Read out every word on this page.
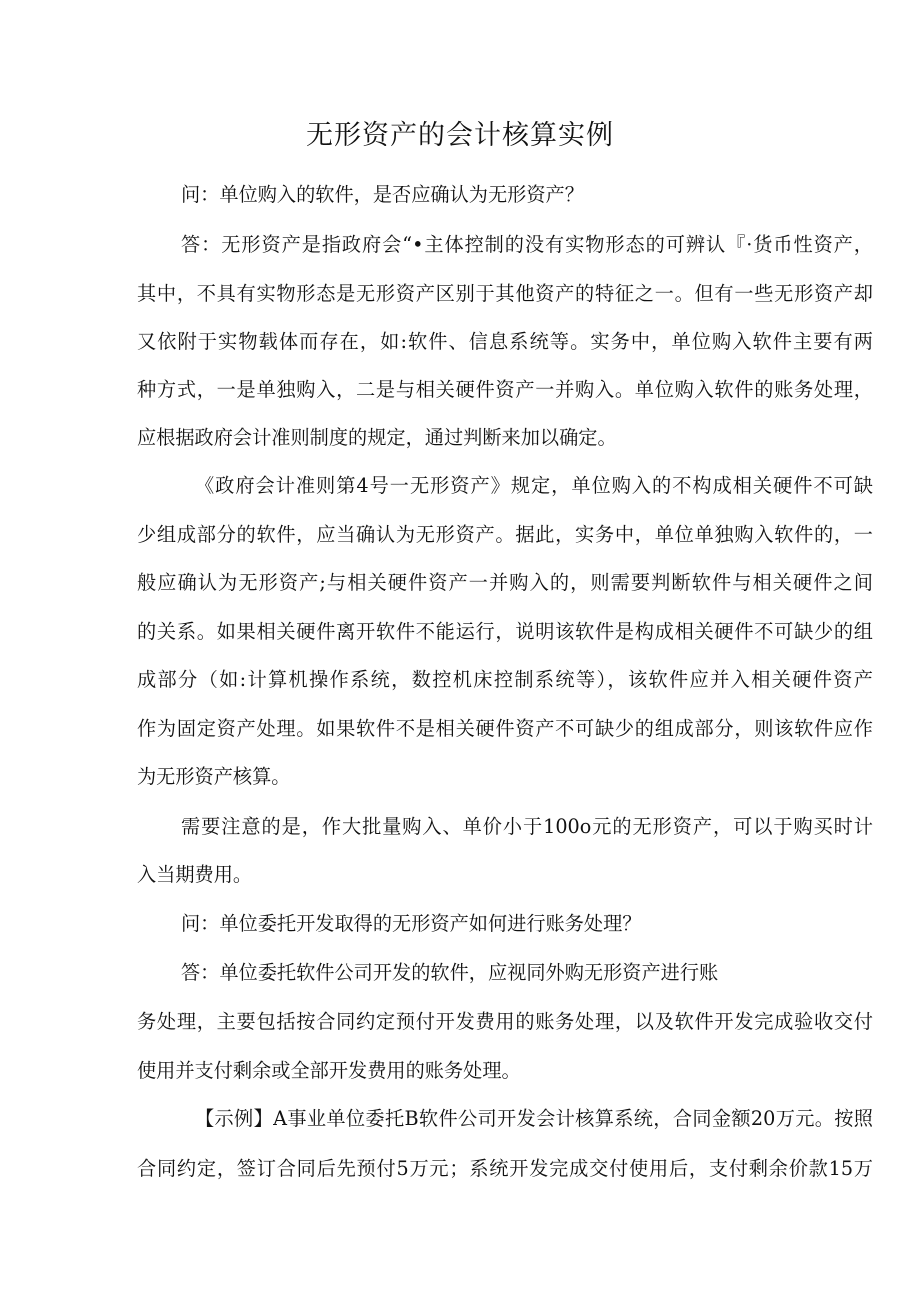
无形资产的会计核算实例
问：单位购入的软件，是否应确认为无形资产？
答：无形资产是指政府会“•主体控制的没有实物形态的可辨认『·货币性资产，
其中，不具有实物形态是无形资产区别于其他资产的特征之一。但有一些无形资产却
又依附于实物载体而存在，如:软件、信息系统等。实务中，单位购入软件主要有两
种方式，一是单独购入，二是与相关硬件资产一并购入。单位购入软件的账务处理，
应根据政府会计准则制度的规定，通过判断来加以确定。
《政府会计准则第4号一无形资产》规定，单位购入的不构成相关硬件不可缺
少组成部分的软件，应当确认为无形资产。据此，实务中，单位单独购入软件的，一
般应确认为无形资产;与相关硬件资产一并购入的，则需要判断软件与相关硬件之间
的关系。如果相关硬件离开软件不能运行，说明该软件是构成相关硬件不可缺少的组
成部分（如:计算机操作系统，数控机床控制系统等），该软件应并入相关硬件资产
作为固定资产处理。如果软件不是相关硬件资产不可缺少的组成部分，则该软件应作
为无形资产核算。
需要注意的是，作大批量购入、单价小于100o元的无形资产，可以于购买时计
入当期费用。
问：单位委托开发取得的无形资产如何进行账务处理？
答：单位委托软件公司开发的软件，应视同外购无形资产进行账
务处理，主要包括按合同约定预付开发费用的账务处理，以及软件开发完成验收交付
使用并支付剩余或全部开发费用的账务处理。
【示例】A事业单位委托B软件公司开发会计核算系统，合同金额20万元。按照
合同约定，签订合同后先预付5万元；系统开发完成交付使用后，支付剩余价款15万
